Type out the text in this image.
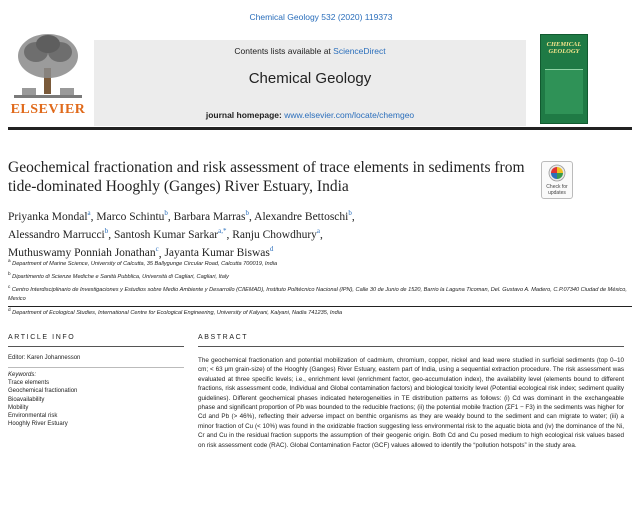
Chemical Geology 532 (2020) 119373
ELSEVIER
Contents lists available at ScienceDirect
Chemical Geology
journal homepage: www.elsevier.com/locate/chemgeo
CHEMICAL GEOLOGY
Geochemical fractionation and risk assessment of trace elements in sediments from tide-dominated Hooghly (Ganges) River Estuary, India	Check for updates
Priyanka Mondal$^a$, Marco Schintu$^b$, Barbara Marras$^b$, Alexandre Bettoschi$^b$,
Alessandro Marrucci$^b$, Santosh Kumar Sarkar$^{a,*}$, Ranju Chowdhury$^a$,
Muthuswamy Ponniah Jonathan$^c$, Jayanta Kumar Biswas$^d$
$^a$ Department of Marine Science, University of Calcutta, 35 Ballygunge Circular Road, Calcutta 700019, India
$^b$ Dipartimento di Scienze Mediche e Sanità Pubblica, Università di Cagliari, Cagliari, Italy
$^c$ Centro Interdisciplinario de Investigaciones y Estudios sobre Medio Ambiente y Desarrollo (CIIEMAD), Instituto Politécnico Nacional (IPN), Calle 30 de Junio de 1520, Barrio la Laguna Ticoman, Del. Gustavo A. Madero, C.P.07340 Ciudad de México, Mexico
$^d$ Department of Ecological Studies, International Centre for Ecological Engineering, University of Kalyani, Kalyani, Nadia 741235, India
ARTICLE INFO	ABSTRACT
Editor: Karen Johannesson
Keywords:
Trace elements
Geochemical fractionation
Bioavailability
Mobility
Environmental risk
Hooghly River Estuary

The geochemical fractionation and potential mobilization of cadmium, chromium, copper, nickel and lead were studied in surficial sediments (top 0–10 cm; < 63 μm grain-size) of the Hooghly (Ganges) River Estuary, eastern part of India, using a sequential extraction procedure. The risk assessment was evaluated at three specific levels; i.e., enrichment level (enrichment factor, geo-accumulation index), the availability level (elements bound to different fractions, risk assessment code, Individual and Global contamination factors) and biological toxicity level (Potential ecological risk index; sediment quality guidelines). Different geochemical phases indicated heterogeneities in TE distribution patterns as follows: (i) Cd was dominant in the exchangeable phase and significant proportion of Pb was bounded to the reducible fractions; (ii) the potential mobile fraction (ΣF1 − F3) in the sediments was higher for Cd and Pb (> 46%), reflecting their adverse impact on benthic organisms as they are weakly bound to the sediment and can migrate to water; (iii) a minor fraction of Cu (< 10%) was found in the oxidizable fraction suggesting less environmental risk to the aquatic biota and (iv) the dominance of the Ni, Cr and Cu in the residual fraction supports the assumption of their geogenic origin. Both Cd and Cu posed medium to high ecological risk values based on risk assessment code (RAC). Global Contamination Factor (GCF) values allowed to identify the “pollution hotspots” in the study area.
